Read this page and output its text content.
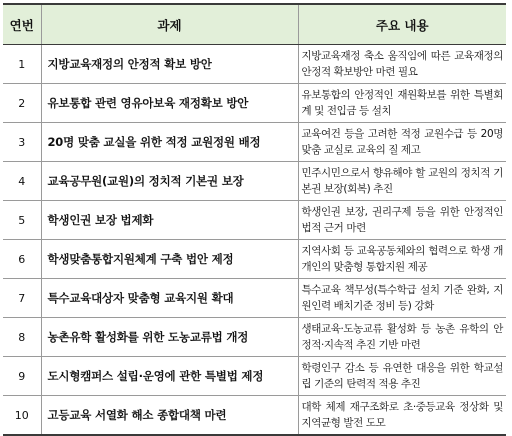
연번	과제	주요 내용
1	지방교육재정의 안정적 확보 방안	지방교육재정 축소 움직임에 따른 교육재정의 안정적 확보방안 마련 필요
2	유보통합 관련 영유아보육 재정확보 방안	유보통합의 안정적인 재원확보를 위한 특별회계 및 전입금 등 설치
3	20명 맞춤 교실을 위한 적정 교원정원 배정	교육여건 등을 고려한 적정 교원수급 등 20명 맞춤 교실로 교육의 질 제고
4	교육공무원(교원)의 정치적 기본권 보장	민주시민으로서 향유해야 할 교원의 정치적 기본권 보장(회복) 추진
5	학생인권 보장 법제화	학생인권 보장, 권리구제 등을 위한 안정적인 법적 근거 마련
6	학생맞춤통합지원체계 구축 법안 제정	지역사회 등 교육공동체와의 협력으로 학생 개개인의 맞춤형 통합지원 제공
7	특수교육대상자 맞춤형 교육지원 확대	특수교육 책무성(특수학급 설치 기준 완화, 지원인력 배치기준 정비 등) 강화
8	농촌유학 활성화를 위한 도농교류법 개정	생태교육·도농교류 활성화 등 농촌 유학의 안정적·지속적 추진 기반 마련
9	도시형캠퍼스 설립·운영에 관한 특별법 제정	학령인구 감소 등 유연한 대응을 위한 학교설립 기준의 탄력적 적용 추진
10	고등교육 서열화 해소 종합대책 마련	대학 체제 재구조화로 초·중등교육 정상화 및 지역균형 발전 도모
